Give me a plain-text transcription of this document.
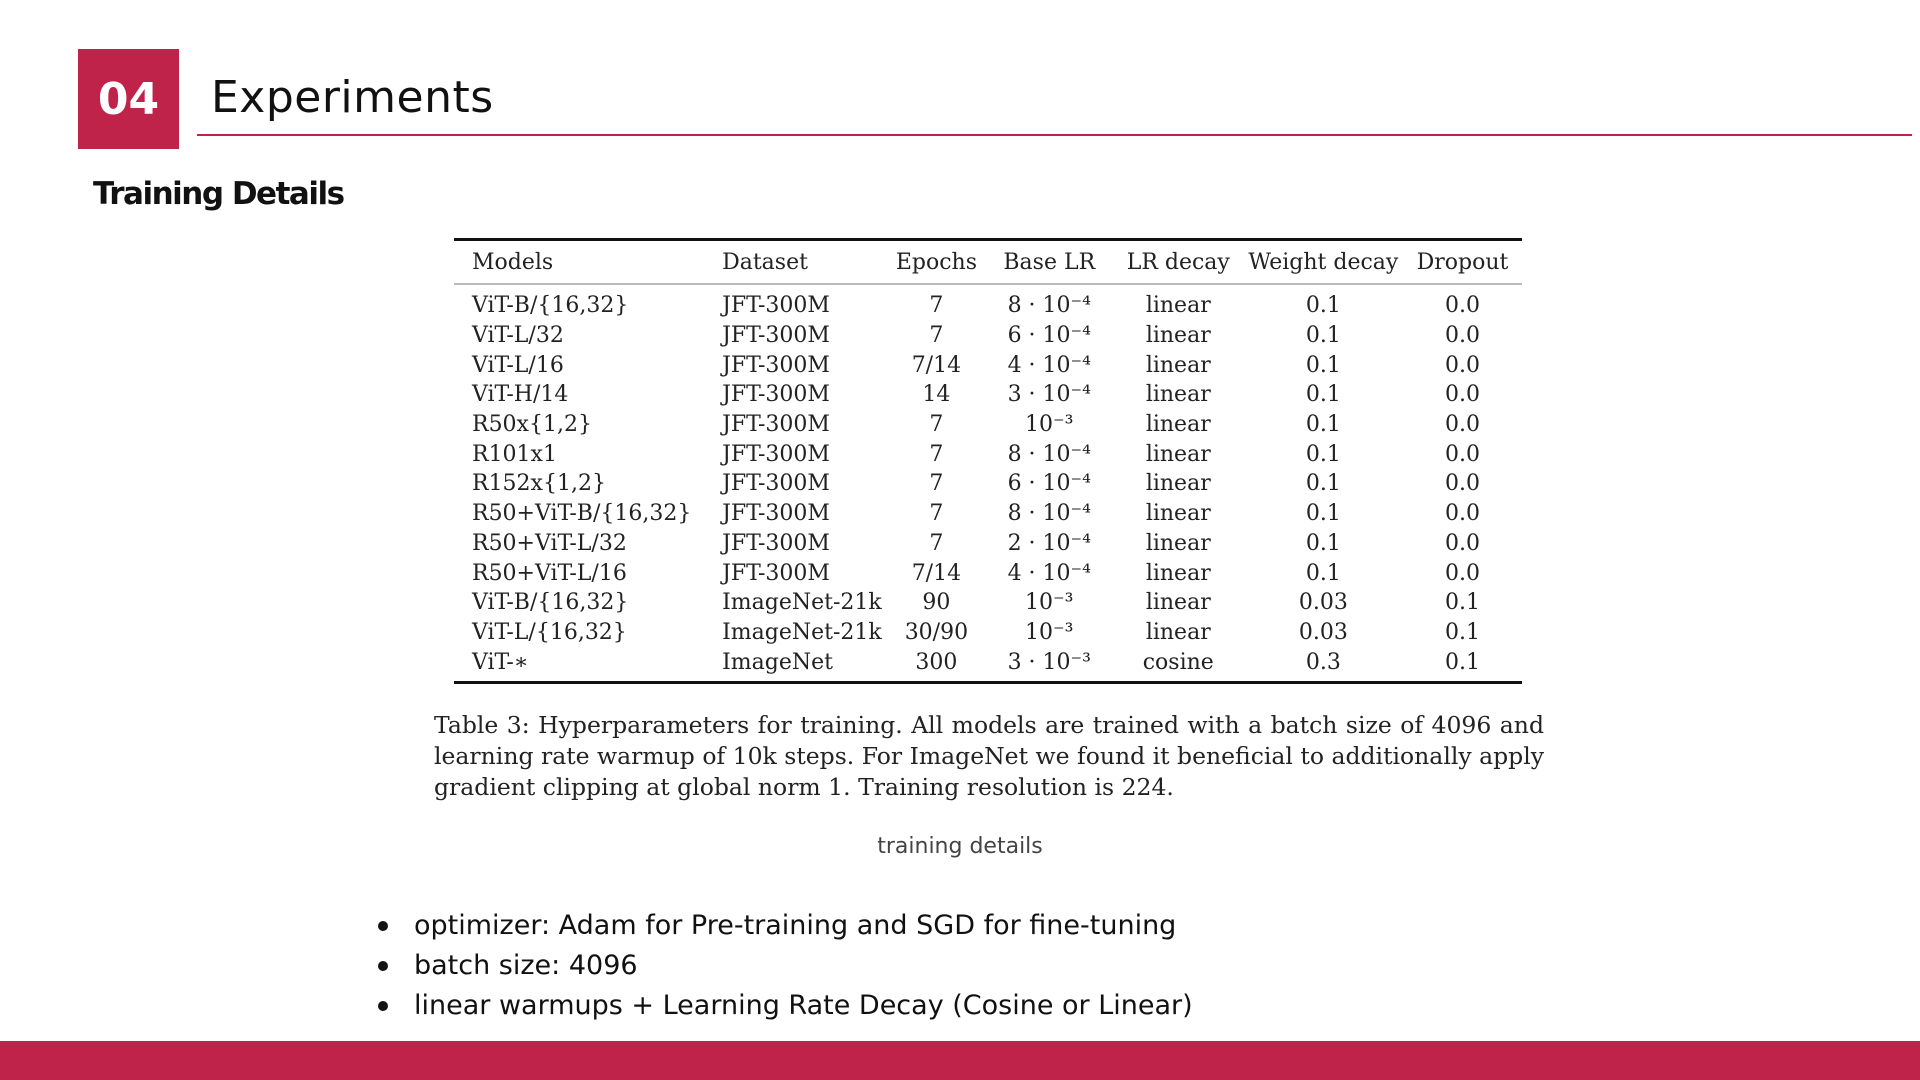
04 Experiments
Training Details
Models	Dataset	Epochs	Base LR	LR decay	Weight decay	Dropout
ViT-B/{16,32}	JFT-300M	7	8 · 10⁻⁴	linear	0.1	0.0
ViT-L/32	JFT-300M	7	6 · 10⁻⁴	linear	0.1	0.0
ViT-L/16	JFT-300M	7/14	4 · 10⁻⁴	linear	0.1	0.0
ViT-H/14	JFT-300M	14	3 · 10⁻⁴	linear	0.1	0.0
R50x{1,2}	JFT-300M	7	10⁻³	linear	0.1	0.0
R101x1	JFT-300M	7	8 · 10⁻⁴	linear	0.1	0.0
R152x{1,2}	JFT-300M	7	6 · 10⁻⁴	linear	0.1	0.0
R50+ViT-B/{16,32}	JFT-300M	7	8 · 10⁻⁴	linear	0.1	0.0
R50+ViT-L/32	JFT-300M	7	2 · 10⁻⁴	linear	0.1	0.0
R50+ViT-L/16	JFT-300M	7/14	4 · 10⁻⁴	linear	0.1	0.0
ViT-B/{16,32}	ImageNet-21k	90	10⁻³	linear	0.03	0.1
ViT-L/{16,32}	ImageNet-21k	30/90	10⁻³	linear	0.03	0.1
ViT-∗	ImageNet	300	3 · 10⁻³	cosine	0.3	0.1
Table 3: Hyperparameters for training. All models are trained with a batch size of 4096 and learning rate warmup of 10k steps. For ImageNet we found it beneficial to additionally apply gradient clipping at global norm 1. Training resolution is 224.
training details
optimizer: Adam for Pre-training and SGD for fine-tuning
batch size: 4096
linear warmups + Learning Rate Decay (Cosine or Linear)
